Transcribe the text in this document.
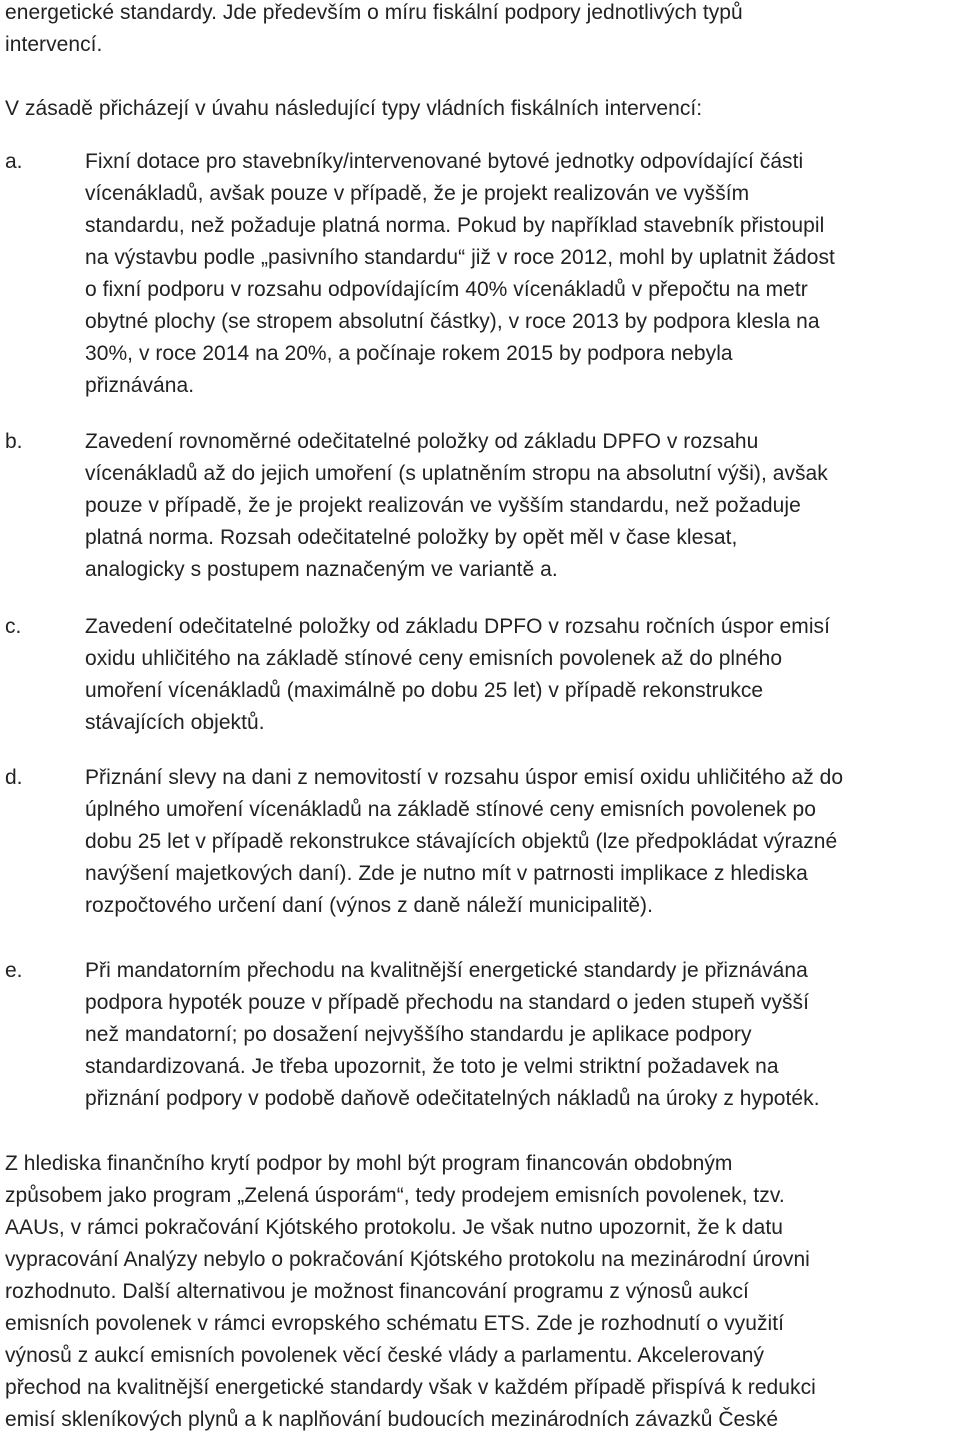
energetické standardy. Jde především o míru fiskální podpory jednotlivých typů
intervencí.
V zásadě přicházejí v úvahu následující typy vládních fiskálních intervencí:
a.	Fixní dotace pro stavebníky/intervenované bytové jednotky odpovídající části
vícenákladů, avšak pouze v případě, že je projekt realizován ve vyšším
standardu, než požaduje platná norma. Pokud by například stavebník přistoupil
na výstavbu podle „pasivního standardu“ již v roce 2012, mohl by uplatnit žádost
o fixní podporu v rozsahu odpovídajícím 40% vícenákladů v přepočtu na metr
obytné plochy (se stropem absolutní částky), v roce 2013 by podpora klesla na
30%, v roce 2014 na 20%, a počínaje rokem 2015 by podpora nebyla
přiznávána.
b.	Zavedení rovnoměrné odečitatelné položky od základu DPFO v rozsahu
vícenákladů až do jejich umoření (s uplatněním stropu na absolutní výši), avšak
pouze v případě, že je projekt realizován ve vyšším standardu, než požaduje
platná norma. Rozsah odečitatelné položky by opět měl v čase klesat,
analogicky s postupem naznačeným ve variantě a.
c.	Zavedení odečitatelné položky od základu DPFO v rozsahu ročních úspor emisí
oxidu uhličitého na základě stínové ceny emisních povolenek až do plného
umoření vícenákladů (maximálně po dobu 25 let) v případě rekonstrukce
stávajících objektů.
d.	Přiznání slevy na dani z nemovitostí v rozsahu úspor emisí oxidu uhličitého až do
úplného umoření vícenákladů na základě stínové ceny emisních povolenek po
dobu 25 let v případě rekonstrukce stávajících objektů (lze předpokládat výrazné
navýšení majetkových daní). Zde je nutno mít v patrnosti implikace z hlediska
rozpočtového určení daní (výnos z daně náleží municipalitě).
e.	Při mandatorním přechodu na kvalitnější energetické standardy je přiznávána
podpora hypoték pouze v případě přechodu na standard o jeden stupeň vyšší
než mandatorní; po dosažení nejvyššího standardu je aplikace podpory
standardizovaná. Je třeba upozornit, že toto je velmi striktní požadavek na
přiznání podpory v podobě daňově odečitatelných nákladů na úroky z hypoték.
Z hlediska finančního krytí podpor by mohl být program financován obdobným
způsobem jako program „Zelená úsporám“, tedy prodejem emisních povolenek, tzv.
AAUs, v rámci pokračování Kjótského protokolu. Je však nutno upozornit, že k datu
vypracování Analýzy nebylo o pokračování Kjótského protokolu na mezinárodní úrovni
rozhodnuto. Další alternativou je možnost financování programu z výnosů aukcí
emisních povolenek v rámci evropského schématu ETS. Zde je rozhodnutí o využití
výnosů z aukcí emisních povolenek věcí české vlády a parlamentu. Akcelerovaný
přechod na kvalitnější energetické standardy však v každém případě přispívá k redukci
emisí skleníkových plynů a k naplňování budoucích mezinárodních závazků České
